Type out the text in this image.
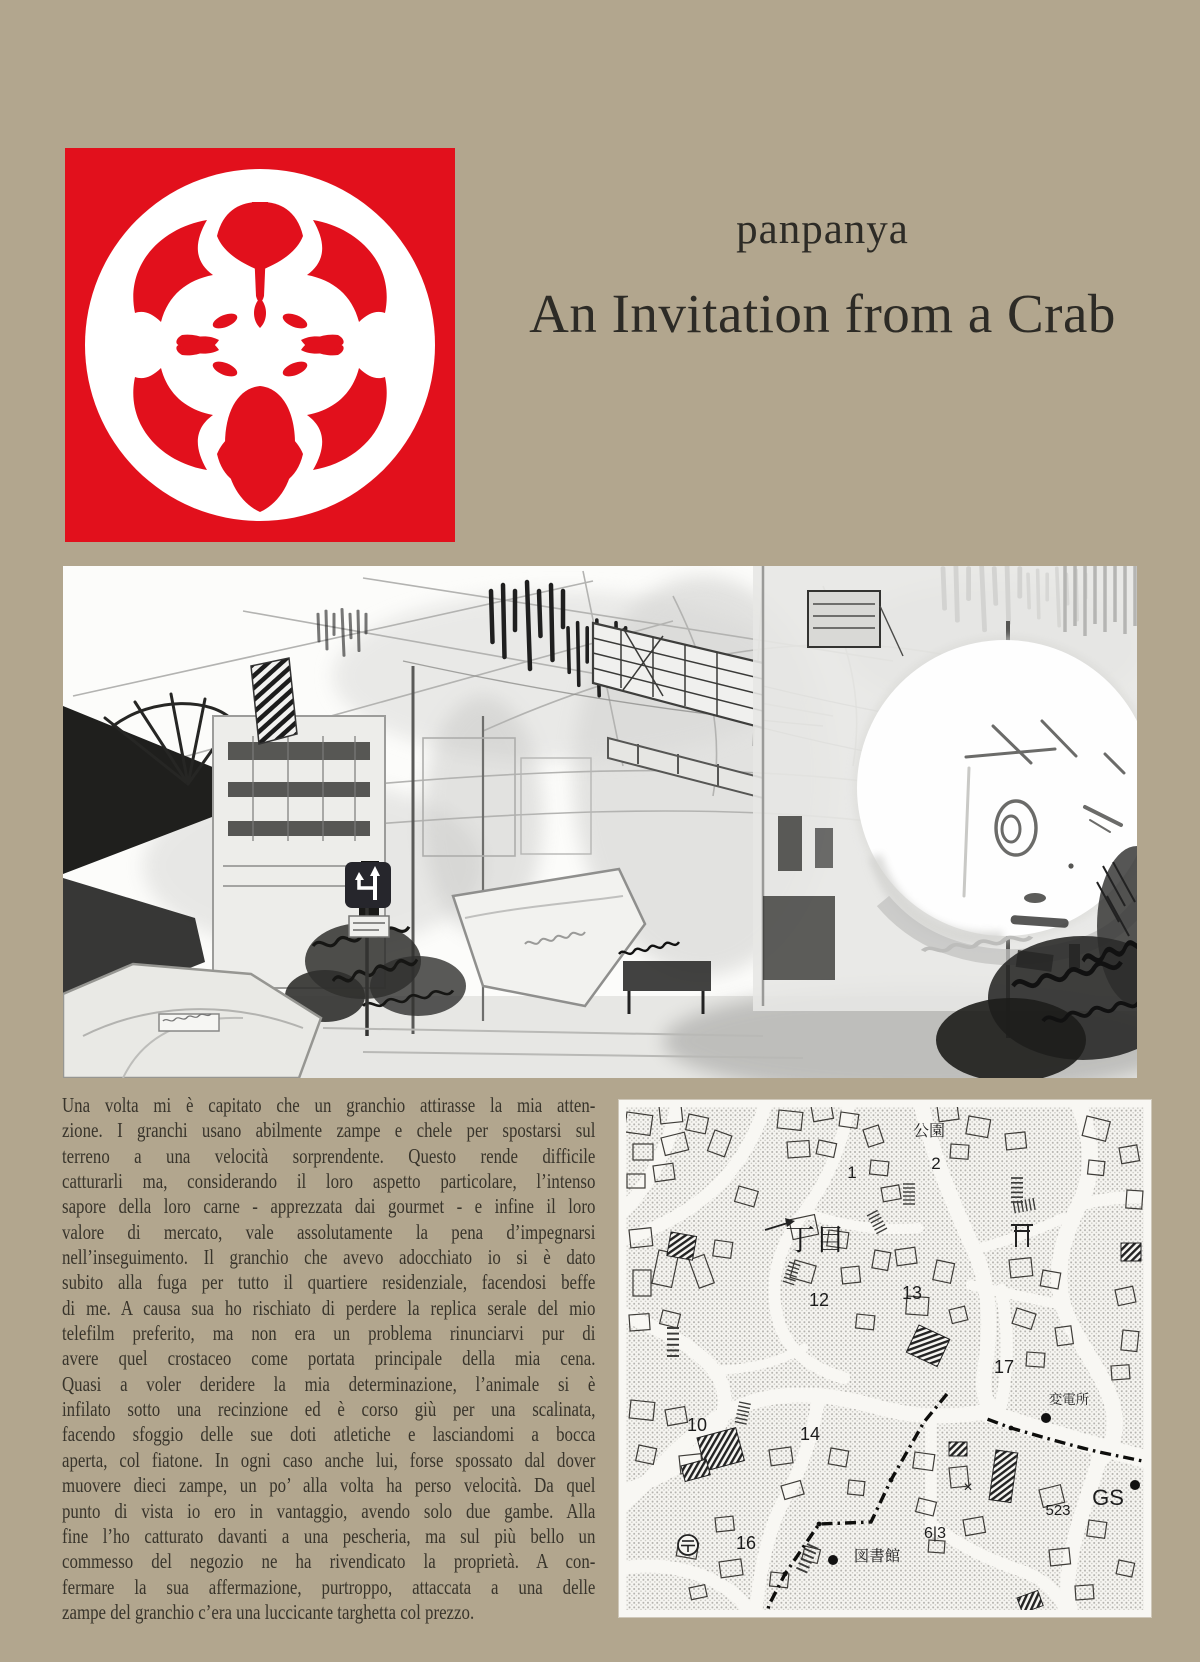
panpanya
An Invitation from a Crab
Una volta mi è capitato che un granchio attirasse la mia atten-
zione. I granchi usano abilmente zampe e chele per spostarsi sul
terreno a una velocità sorprendente. Questo rende difficile
catturarli ma, considerando il loro aspetto particolare, l’intenso
sapore della loro carne - apprezzata dai gourmet - e infine il loro
valore di mercato, vale assolutamente la pena d’impegnarsi
nell’inseguimento. Il granchio che avevo adocchiato io si è dato
subito alla fuga per tutto il quartiere residenziale, facendosi beffe
di me. A causa sua ho rischiato di perdere la replica serale del mio
telefilm preferito, ma non era un problema rinunciarvi pur di
avere quel crostaceo come portata principale della mia cena.
Quasi a voler deridere la mia determinazione, l’animale si è
infilato sotto una recinzione ed è corso giù per una scalinata,
facendo sfoggio delle sue doti atletiche e lasciandomi a bocca
aperta, col fiatone. In ogni caso anche lui, forse spossato dal dover
muovere dieci zampe, un po’ alla volta ha perso velocità. Da quel
punto di vista io ero in vantaggio, avendo solo due gambe. Alla
fine l’ho catturato davanti a una pescheria, ma sul più bello un
commesso del negozio ne ha rivendicato la proprietà. A con-
fermare la sua affermazione, purtroppo, attaccata a una delle
zampe del granchio c’era una luccicante targhetta col prezzo.
公園
2
1
丁目
13
12
17
10	14
変電所
523
GS
6|3
図書館
16
×
